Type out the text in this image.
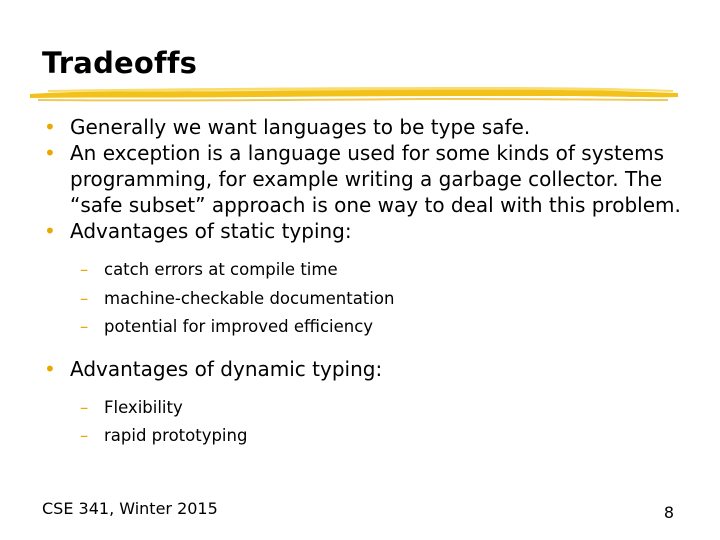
Tradeoffs
• Generally we want languages to be type safe.
• An exception is a language used for some kinds of systems programming, for example writing a garbage collector. The “safe subset” approach is one way to deal with this problem.
• Advantages of static typing:
– catch errors at compile time
– machine-checkable documentation
– potential for improved efficiency
• Advantages of dynamic typing:
– Flexibility
– rapid prototyping
CSE 341, Winter 2015	8
